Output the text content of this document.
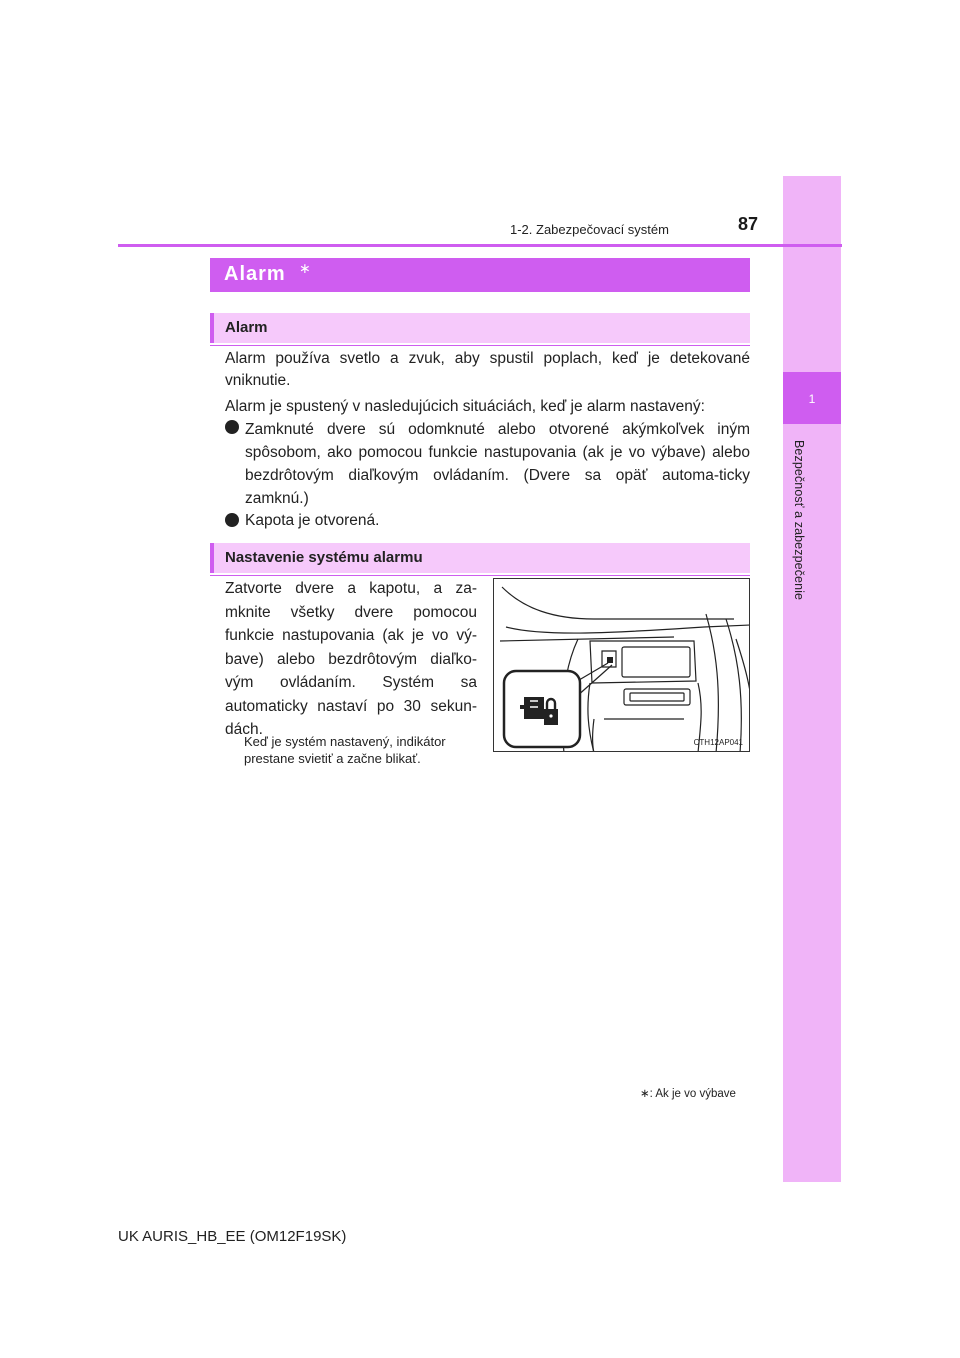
1
Bezpečnosť a zabezpečenie
1-2. Zabezpečovací systém	87
Alarm ∗
Alarm
Alarm používa svetlo a zvuk, aby spustil poplach, keď je detekované vniknutie.
Alarm je spustený v nasledujúcich situáciách, keď je alarm nastavený:
Zamknuté dvere sú odomknuté alebo otvorené akýmkoľvek iným spôsobom, ako pomocou funkcie nastupovania (ak je vo výbave) alebo bezdrôtovým diaľkovým ovládaním. (Dvere sa opäť automa-ticky zamknú.)
Kapota je otvorená.
Nastavenie systému alarmu
Zatvorte dvere a kapotu, a za-mknite všetky dvere pomocou funkcie nastupovania (ak je vo vý-bave) alebo bezdrôtovým diaľko-vým ovládaním. Systém sa automaticky nastaví po 30 sekun-dách.
Keď je systém nastavený, indikátor prestane svietiť a začne blikať.
CTH12AP041
∗: Ak je vo výbave
UK AURIS_HB_EE (OM12F19SK)
